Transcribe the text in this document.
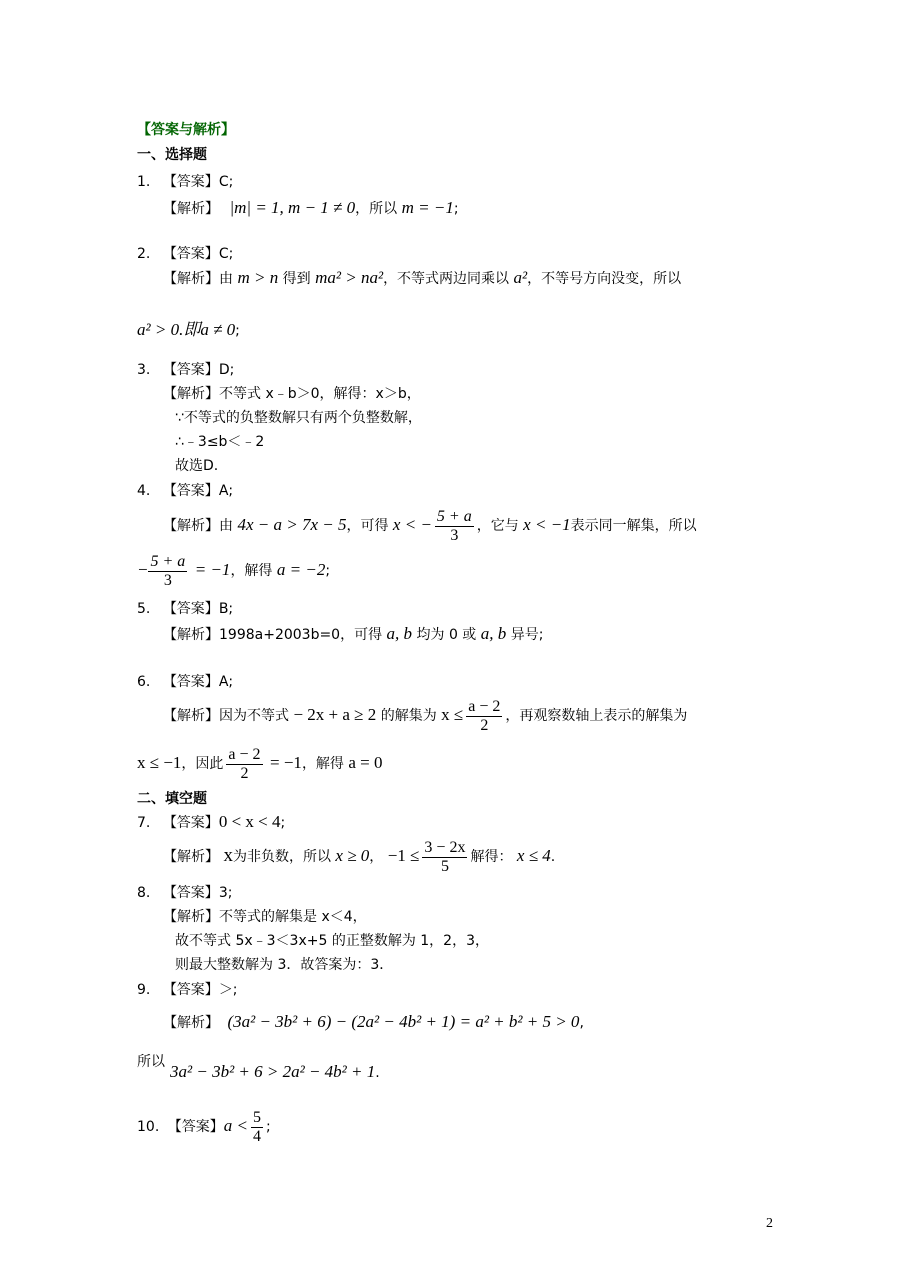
【答案与解析】
一、选择题
1. 【答案】C;
【解析】 |m| = 1, m − 1 ≠ 0，所以 m = −1;
2. 【答案】C;
【解析】由 m > n 得到 ma² > na²，不等式两边同乘以 a²，不等号方向没变，所以
a² > 0.即a ≠ 0;
3. 【答案】D;
【解析】不等式 x﹣b＞0，解得：x＞b，
∵不等式的负整数解只有两个负整数解，
∴﹣3≤b＜﹣2
故选D.
4. 【答案】A;
【解析】由 4x − a > 7x − 5，可得 x < − $\frac{5 + a}{3}$ ，它与 x < −1表示同一解集，所以
− $\frac{5 + a}{3} = -1$，解得 a = −2;
5. 【答案】B;
【解析】1998a+2003b=0，可得 a, b 均为 0 或 a, b 异号;
6. 【答案】A;
【解析】因为不等式 − 2x + a ≥ 2 的解集为 $x \le \frac{a - 2}{2}$ ，再观察数轴上表示的解集为
x ≤ −1，因此 $\frac{a - 2}{2} = -1$，解得 a = 0
二、填空题
7. 【答案】0 < x < 4;
【解析】 x为非负数，所以 x ≥ 0， $-1 \le \frac{3 - 2x}{5}$ 解得： x ≤ 4.
8. 【答案】3;
【解析】不等式的解集是 x＜4，
故不等式 5x﹣3＜3x+5 的正整数解为 1，2，3，
则最大整数解为 3．故答案为：3．
9. 【答案】＞;
【解析】 (3a² − 3b² + 6) − (2a² − 4b² + 1) = a² + b² + 5 > 0,
所以 3a² − 3b² + 6 > 2a² − 4b² + 1.
10. 【答案】$a < \frac{5}{4}$ ;
2
